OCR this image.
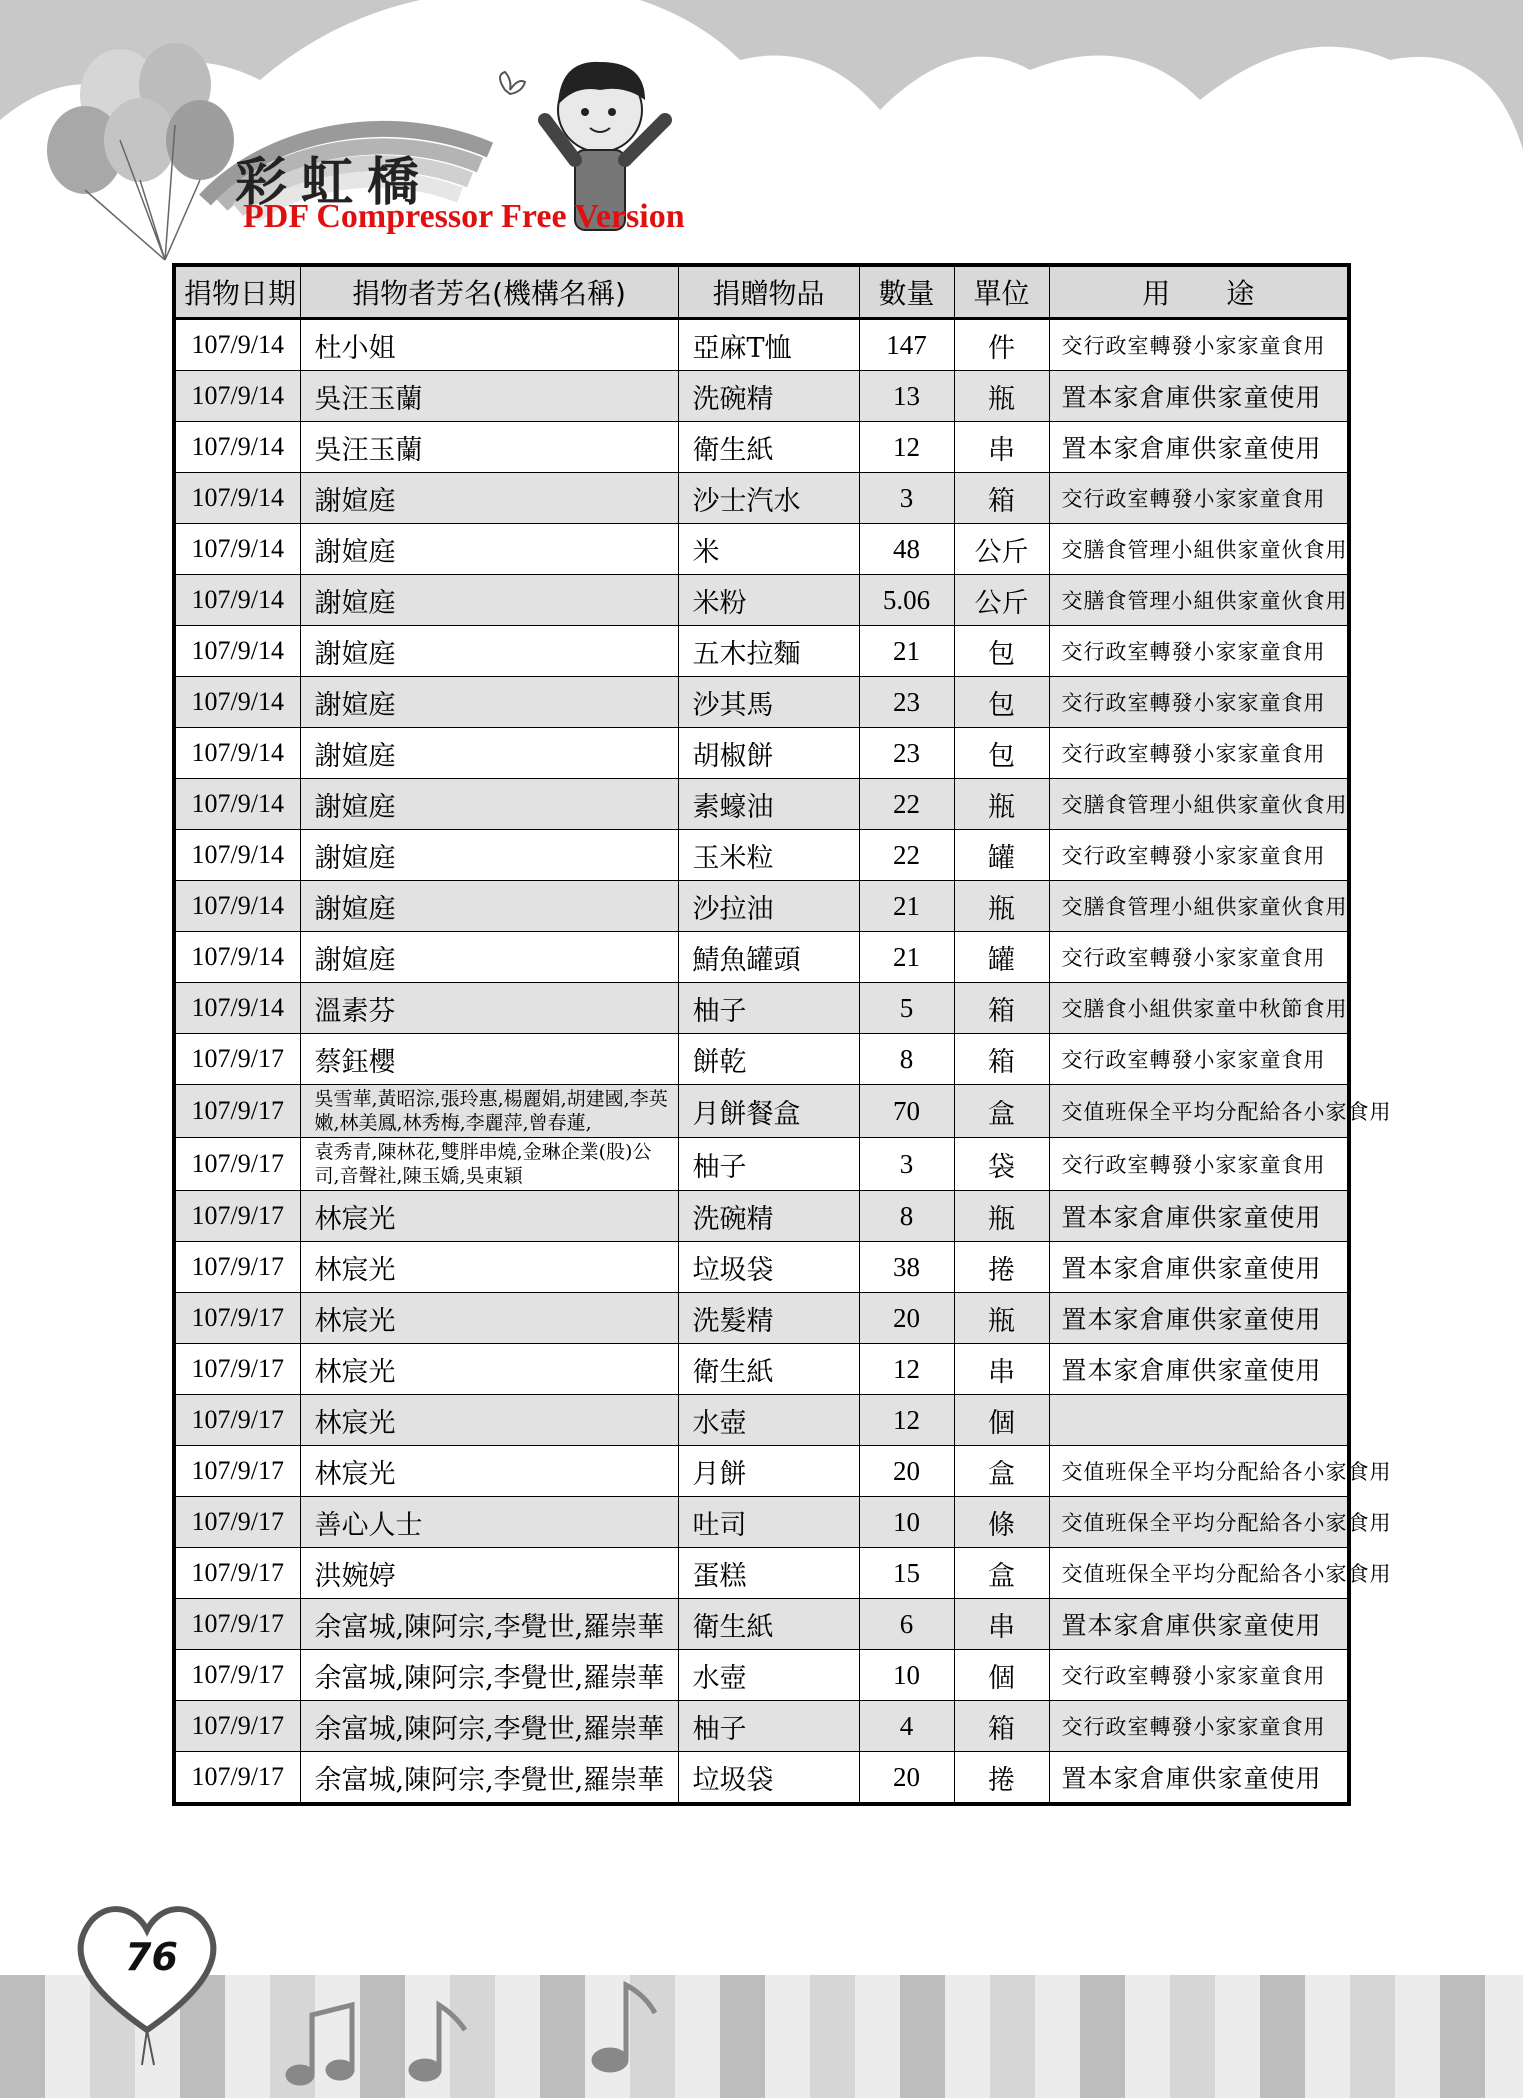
彩虹橋
PDF Compressor Free Version
捐物日期	捐物者芳名(機構名稱)	捐贈物品	數量	單位	用　　途
107/9/14	杜小姐	亞麻T恤	147	件	交行政室轉發小家家童食用
107/9/14	吳汪玉蘭	洗碗精	13	瓶	置本家倉庫供家童使用
107/9/14	吳汪玉蘭	衛生紙	12	串	置本家倉庫供家童使用
107/9/14	謝媗庭	沙士汽水	3	箱	交行政室轉發小家家童食用
107/9/14	謝媗庭	米	48	公斤	交膳食管理小組供家童伙食用
107/9/14	謝媗庭	米粉	5.06	公斤	交膳食管理小組供家童伙食用
107/9/14	謝媗庭	五木拉麵	21	包	交行政室轉發小家家童食用
107/9/14	謝媗庭	沙其馬	23	包	交行政室轉發小家家童食用
107/9/14	謝媗庭	胡椒餅	23	包	交行政室轉發小家家童食用
107/9/14	謝媗庭	素蠔油	22	瓶	交膳食管理小組供家童伙食用
107/9/14	謝媗庭	玉米粒	22	罐	交行政室轉發小家家童食用
107/9/14	謝媗庭	沙拉油	21	瓶	交膳食管理小組供家童伙食用
107/9/14	謝媗庭	鯖魚罐頭	21	罐	交行政室轉發小家家童食用
107/9/14	溫素芬	柚子	5	箱	交膳食小組供家童中秋節食用
107/9/17	蔡鈺櫻	餅乾	8	箱	交行政室轉發小家家童食用
107/9/17	吳雪華,黃昭淙,張玲惠,楊麗娟,胡建國,李英嫩,林美鳳,林秀梅,李麗萍,曾春蓮,	月餅餐盒	70	盒	交值班保全平均分配給各小家食用
107/9/17	袁秀青,陳林花,雙胖串燒,金琳企業(股)公司,音聲社,陳玉嬌,吳東穎	柚子	3	袋	交行政室轉發小家家童食用
107/9/17	林宸光	洗碗精	8	瓶	置本家倉庫供家童使用
107/9/17	林宸光	垃圾袋	38	捲	置本家倉庫供家童使用
107/9/17	林宸光	洗髮精	20	瓶	置本家倉庫供家童使用
107/9/17	林宸光	衛生紙	12	串	置本家倉庫供家童使用
107/9/17	林宸光	水壺	12	個	
107/9/17	林宸光	月餅	20	盒	交值班保全平均分配給各小家食用
107/9/17	善心人士	吐司	10	條	交值班保全平均分配給各小家食用
107/9/17	洪婉婷	蛋糕	15	盒	交值班保全平均分配給各小家食用
107/9/17	余富城,陳阿宗,李覺世,羅崇華	衛生紙	6	串	置本家倉庫供家童使用
107/9/17	余富城,陳阿宗,李覺世,羅崇華	水壺	10	個	交行政室轉發小家家童食用
107/9/17	余富城,陳阿宗,李覺世,羅崇華	柚子	4	箱	交行政室轉發小家家童食用
107/9/17	余富城,陳阿宗,李覺世,羅崇華	垃圾袋	20	捲	置本家倉庫供家童使用
76
